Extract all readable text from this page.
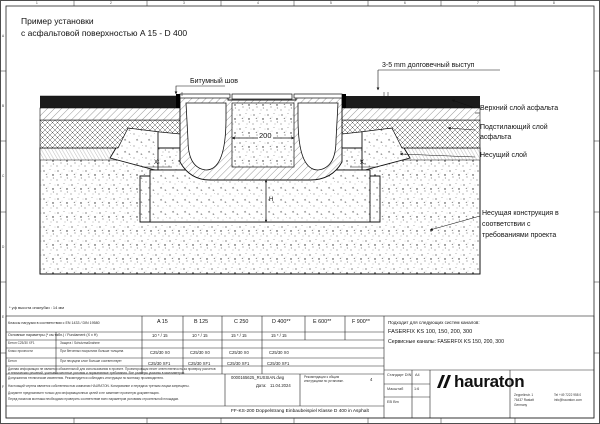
1	2	3	4	5	6	7	8
A
B
C
D
E
F
Пример установки
с асфальтовой поверхностью A 15 - D 400
Битумный шов
3-5 mm долговечный выступ
Верхний слой асфальта
Подстилающий слой
асфальта
Несущий слой
Несущая конструкция в
соответствии с
требованиями проекта
200
X	X
H
* уф высота опалубки : 14 мм
Классы нагрузки в соответствии с EN 1433 / DIN 19580	A 15	B 125	C 250	D 400**	E 600**	F 900**
Основные параметры (* см.табл.) / Fundament (X x H)	10 * / 15	10 * / 15	15 * / 15	15 * / 15
Бетон C25/30 XF1	Защита / Schutzmaßnahme
Класс прочности	При бетонных покрытиях больше толщина
Бетон	При несущем слое больше соответствует
C25/30 X0	C25/30 X0	C25/30 X0	C25/30 X0
C25/30 XF1	C25/30 XF1	C25/30 XF1	C25/30 XF1
Подходит для следующих систем каналов:
FASERFIX KS 100, 150, 200, 300
Сервисные каналы: FASERFIX KS 150, 200, 300
Данная информация не является обязательной для использования в проекте. Проектировщик несет ответственность за проверку расчетов
и технических решений, учитывая местные условия и нормативные требования. Все размеры указаны в миллиметрах.
Допускаются технические изменения. Рекомендуется соблюдать инструкции по монтажу производителя.
Настоящий чертеж является собственностью компании HAURATON. Копирование и передача третьим лицам запрещены.
Документ предназначен только для информационных целей и не заменяет проектную документацию.
Перед началом монтажа необходимо проверить соответствие всех параметров условиям строительной площадки.
0000165625_RUSSIAN.dwg
Дата: 11.04.2024
Рекомендации к общим
инструкциям по установке.	4
FF-KS-200 Doppelstrang Einbaubeispiel Klasse D 400 in Asphalt
Стандарт DIN A4
Масштаб	1:6
EB Bm
hauraton
Zeppelinstr. 1
76437 Rastatt
Germany
Tel +49 7222 958 0
info@hauraton.com
